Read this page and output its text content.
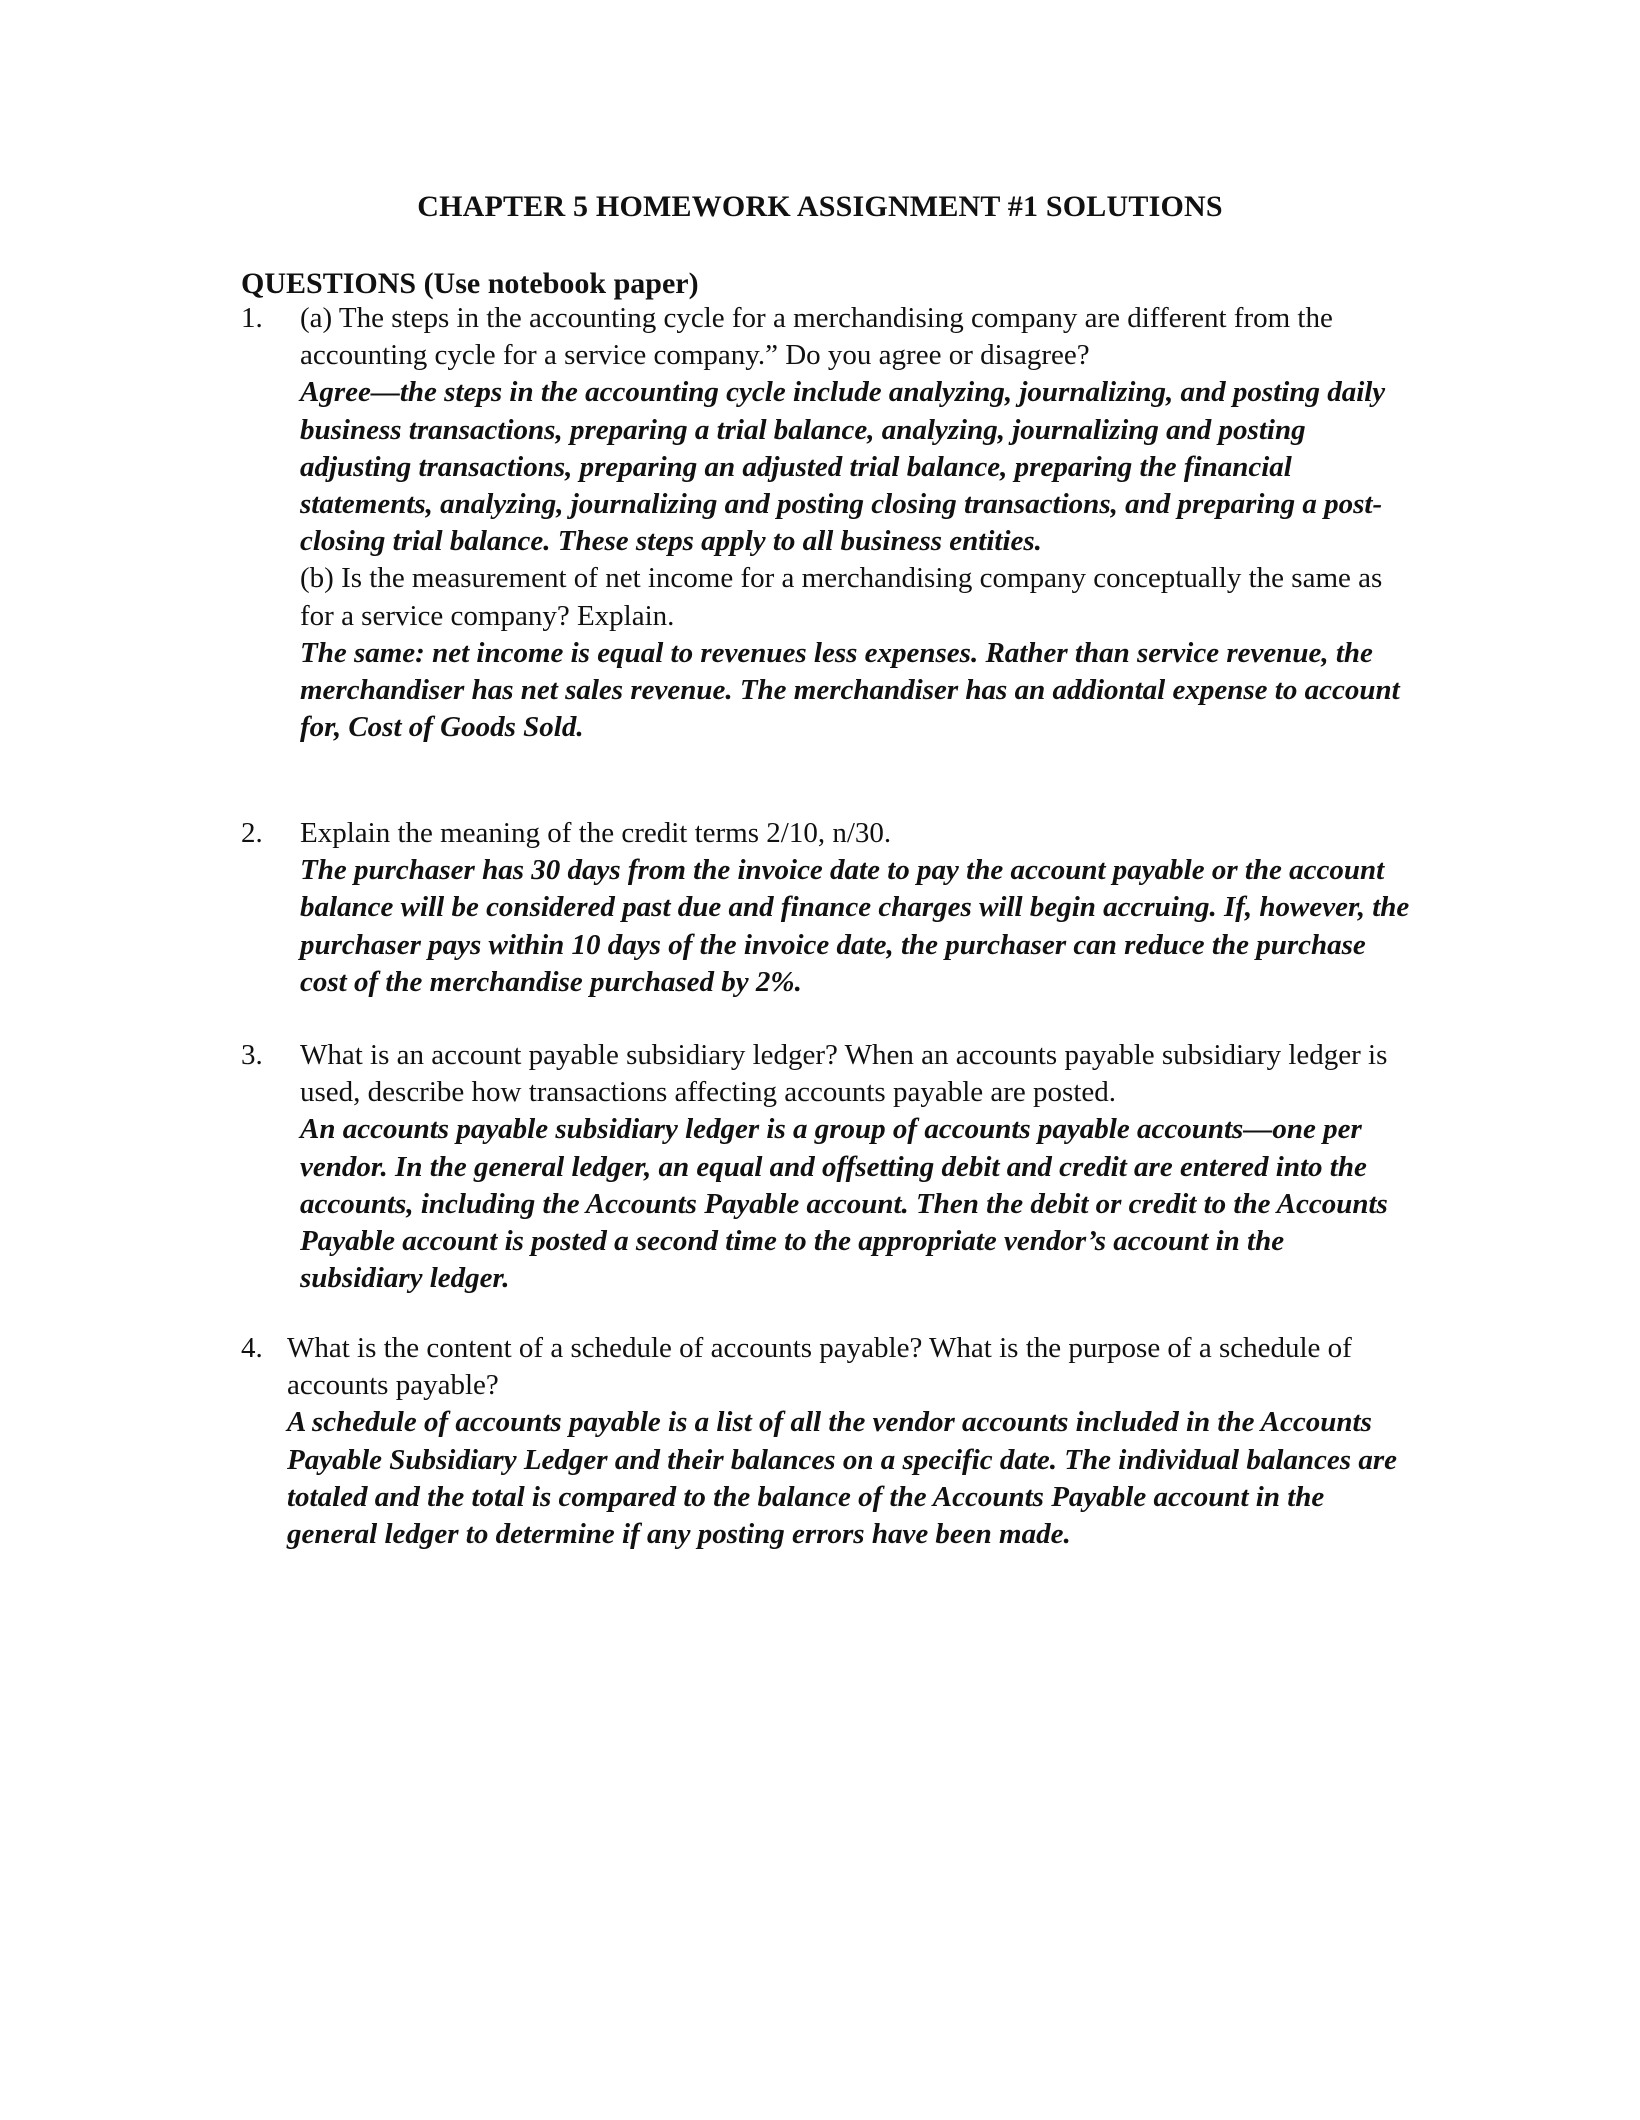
CHAPTER 5 HOMEWORK ASSIGNMENT #1 SOLUTIONS
QUESTIONS (Use notebook paper)
1.	(a) The steps in the accounting cycle for a merchandising company are different from the accounting cycle for a service company.” Do you agree or disagree?

Agree—the steps in the accounting cycle include analyzing, journalizing, and posting daily business transactions, preparing a trial balance, analyzing, journalizing and posting adjusting transactions, preparing an adjusted trial balance, preparing the financial statements, analyzing, journalizing and posting closing transactions, and preparing a post-closing trial balance. These steps apply to all business entities.

(b) Is the measurement of net income for a merchandising company conceptually the same as for a service company? Explain.

The same: net income is equal to revenues less expenses. Rather than service revenue, the merchandiser has net sales revenue. The merchandiser has an addiontal expense to account for, Cost of Goods Sold.

2.	Explain the meaning of the credit terms 2/10, n/30.

The purchaser has 30 days from the invoice date to pay the account payable or the account balance will be considered past due and finance charges will begin accruing. If, however, the purchaser pays within 10 days of the invoice date, the purchaser can reduce the purchase cost of the merchandise purchased by 2%.

3.	What is an account payable subsidiary ledger? When an accounts payable subsidiary ledger is used, describe how transactions affecting accounts payable are posted.

An accounts payable subsidiary ledger is a group of accounts payable accounts—one per vendor. In the general ledger, an equal and offsetting debit and credit are entered into the accounts, including the Accounts Payable account. Then the debit or credit to the Accounts Payable account is posted a second time to the appropriate vendor’s account in the subsidiary ledger.

4. What is the content of a schedule of accounts payable? What is the purpose of a schedule of accounts payable?

A schedule of accounts payable is a list of all the vendor accounts included in the Accounts Payable Subsidiary Ledger and their balances on a specific date. The individual balances are totaled and the total is compared to the balance of the Accounts Payable account in the general ledger to determine if any posting errors have been made.
